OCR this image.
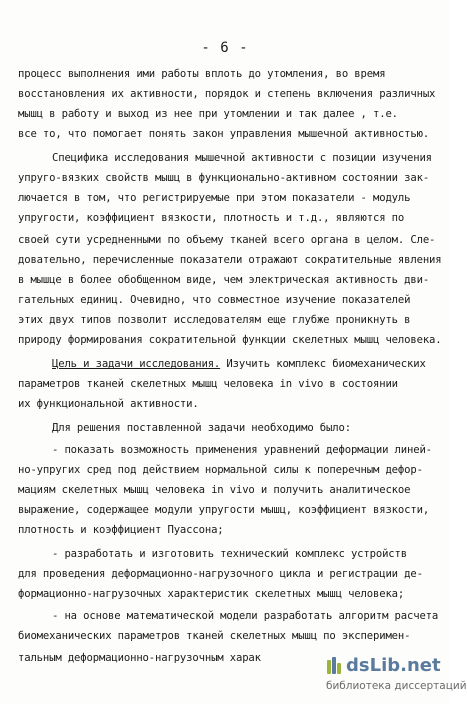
- 6 -
процесс выполнения ими работы вплоть до утомления, во время
восстановления их активности, порядок и степень включения различных
мышц в работу и выход из нее при утомлении и так далее , т.е.
все то, что помогает понять закон управления мышечной активностью.
Специфика исследования мышечной активности с позиции изучения
упруго-вязких свойств мышц в функционально-активном состоянии зак-
лючается в том, что регистрируемые при этом показатели - модуль
упругости, коэффициент вязкости, плотность и т.д., являются по
своей сути усредненными по объему тканей всего органа в целом. Сле-
довательно, перечисленные показатели отражают сократительные явления
в мышце в более обобщенном виде, чем электрическая активность дви-
гательных единиц. Очевидно, что совместное изучение показателей
этих двух типов позволит исследователям еще глубже проникнуть в
природу формирования сократительной функции скелетных мышц человека.
Цель и задачи исследования. Изучить комплекс биомеханических
параметров тканей скелетных мышц человека in vivo в состоянии
их функциональной активности.
Для решения поставленной задачи необходимо было:
- показать возможность применения уравнений деформации линей-
но-упругих сред под действием нормальной силы к поперечным дефор-
мациям скелетных мышц человека in vivo и получить аналитическое
выражение, содержащее модули упругости мышц, коэффициент вязкости,
плотность и коэффициент Пуассона;
- разработать и изготовить технический комплекс устройств
для проведения деформационно-нагрузочного цикла и регистрации де-
формационно-нагрузочных характеристик скелетных мышц человека;
- на основе математической модели разработать алгоритм расчета
биомеханических параметров тканей скелетных мышц по эксперимен-
тальным деформационно-нагрузочным харак	dsLib.net
библиотека диссертаций
